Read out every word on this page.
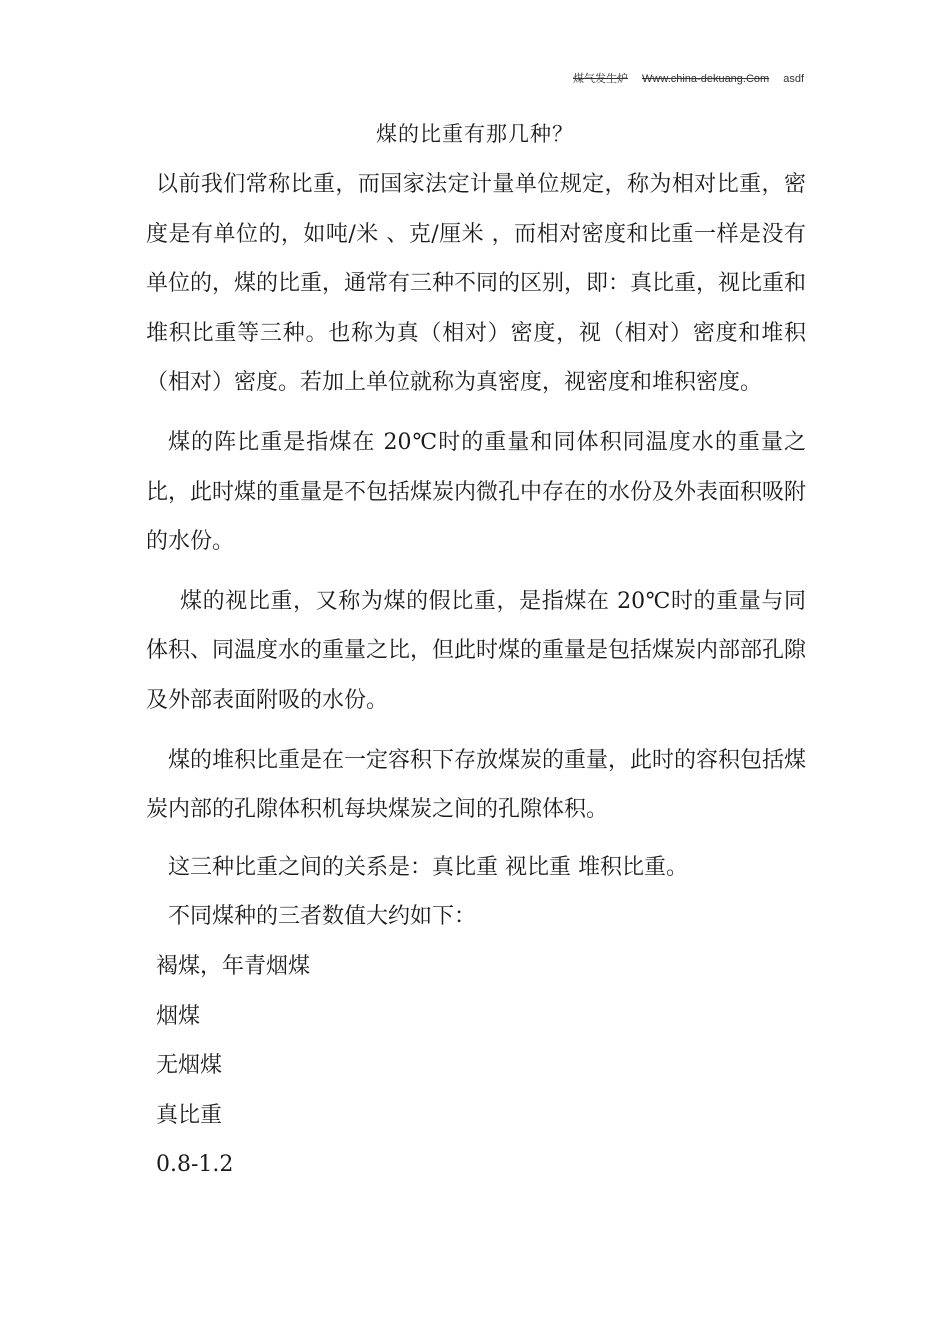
煤气发生炉 Www.china-dekuang.Com asdf
煤的比重有那几种？

以前我们常称比重，而国家法定计量单位规定，称为相对比重，密度是有单位的，如吨/米 、克/厘米 ，而相对密度和比重一样是没有单位的，煤的比重，通常有三种不同的区别，即：真比重，视比重和堆积比重等三种。也称为真（相对）密度，视（相对）密度和堆积（相对）密度。若加上单位就称为真密度，视密度和堆积密度。

煤的阵比重是指煤在 20℃时的重量和同体积同温度水的重量之比，此时煤的重量是不包括煤炭内微孔中存在的水份及外表面积吸附的水份。

煤的视比重，又称为煤的假比重，是指煤在 20℃时的重量与同体积、同温度水的重量之比，但此时煤的重量是包括煤炭内部部孔隙及外部表面附吸的水份。

煤的堆积比重是在一定容积下存放煤炭的重量，此时的容积包括煤炭内部的孔隙体积机每块煤炭之间的孔隙体积。

这三种比重之间的关系是：真比重 视比重 堆积比重。

不同煤种的三者数值大约如下：

褐煤，年青烟煤
烟煤
无烟煤
真比重
0.8-1.2
